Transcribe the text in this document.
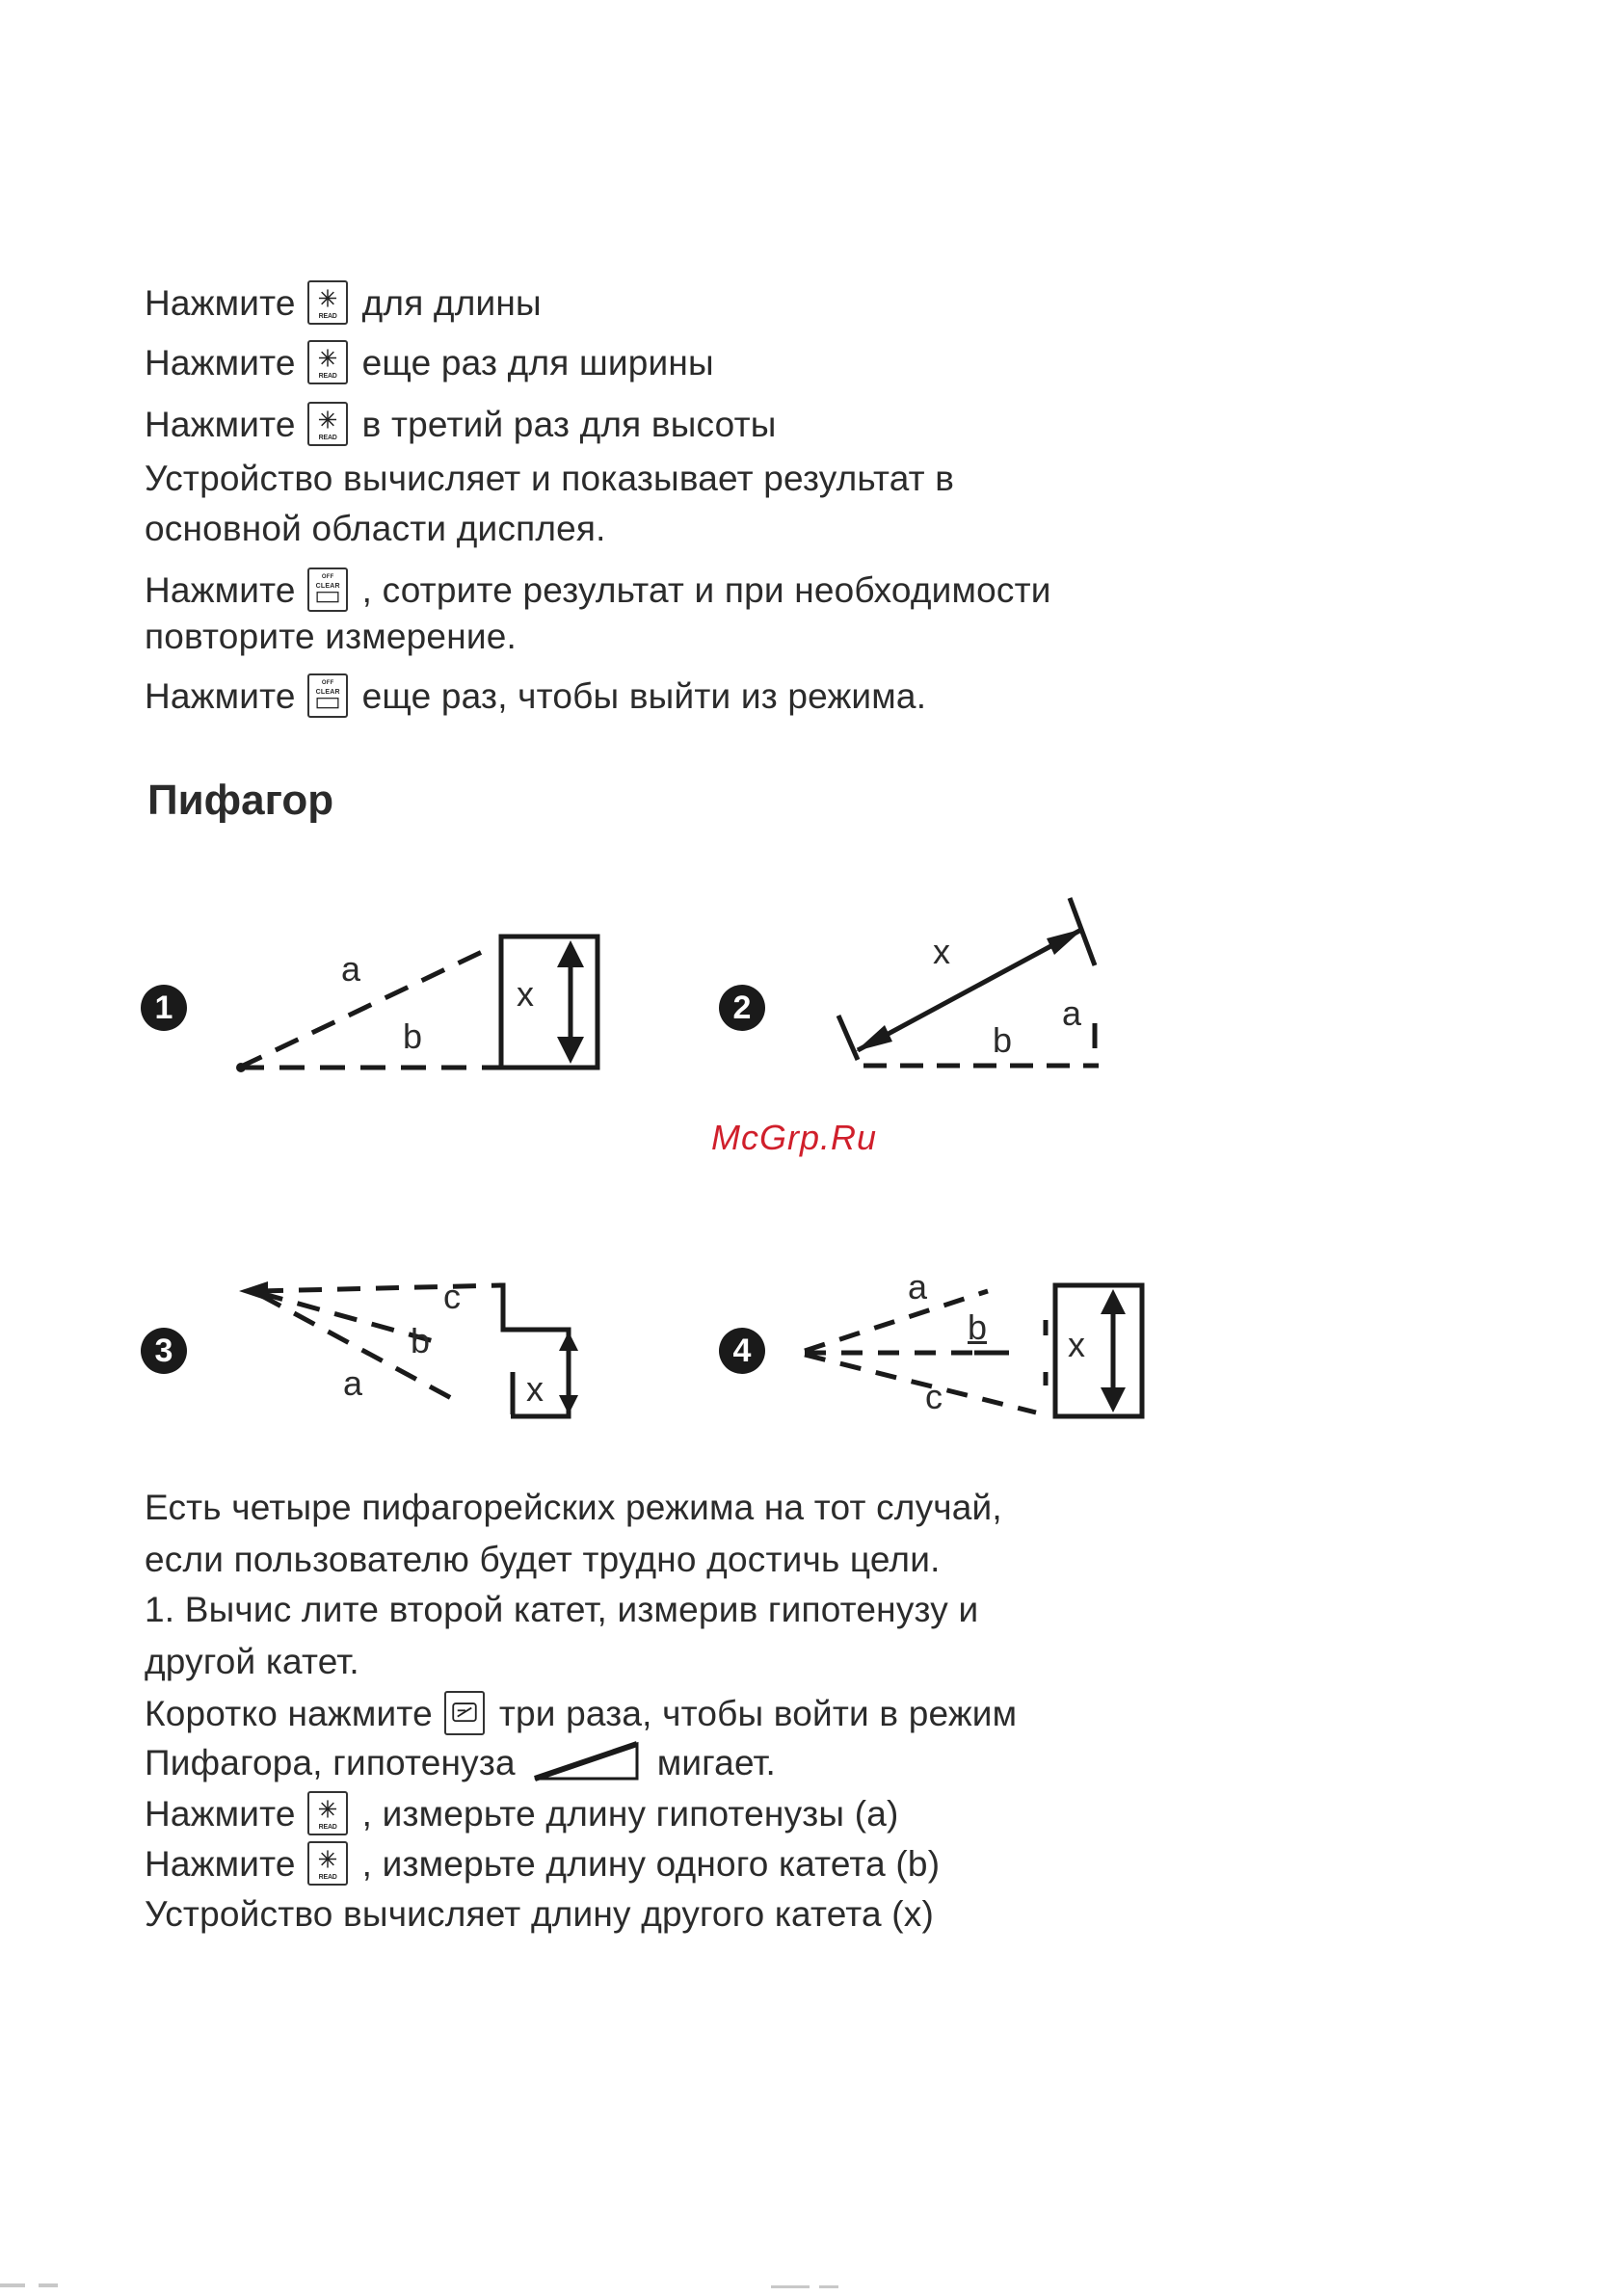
Нажмите	READ для длины
Нажмите	READ еще раз для ширины
Нажмите	READ в третий раз для высоты
Устройство вычисляет и показывает результат в
основной области дисплея.
Нажмите	OFF
CLEAR , сотрите результат и при необходимости
повторите измерение.
Нажмите	OFF
CLEAR еще раз, чтобы выйти из режима.
Пифагор
1
a
b
x	2
x
a
b
McGrp.Ru
3
c
b
a	x
4
a
b
c
x
Есть четыре пифагорейских режима на тот случай,
если пользователю будет трудно достичь цели.
1. Вычис лите второй катет, измерив гипотенузу и
другой катет.
Коротко нажмите три раза, чтобы войти в режим
Пифагора, гипотенуза	мигает.
Нажмите	READ , измерьте длину гипотенузы (a)
Нажмите	READ , измерьте длину одного катета (b)
Устройство вычисляет длину другого катета (x)
